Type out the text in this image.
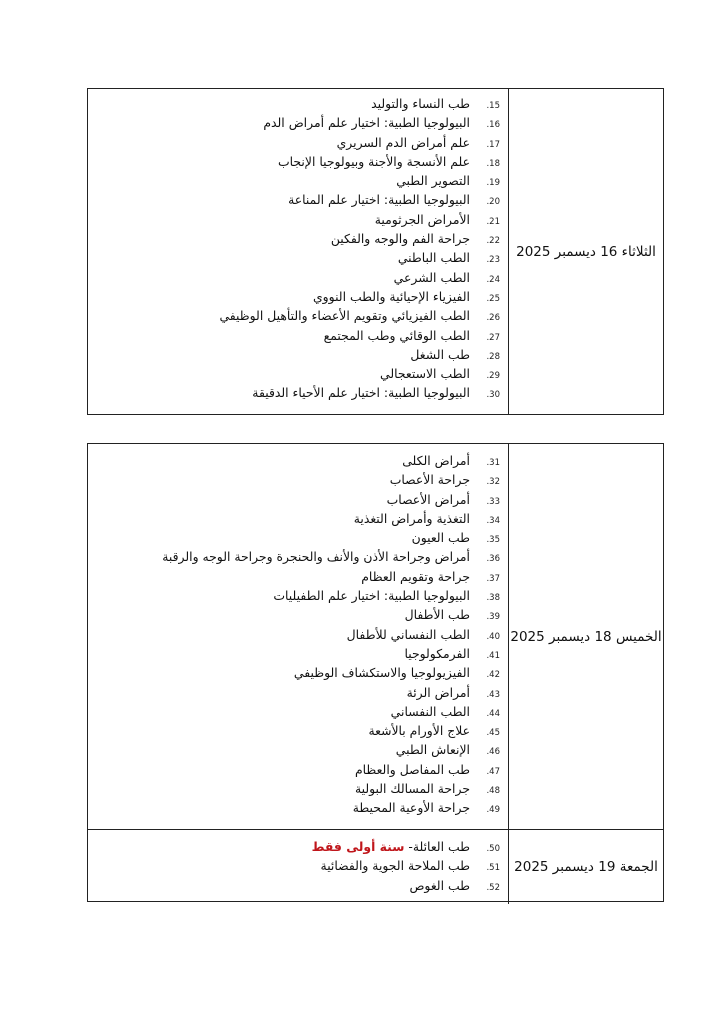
الثلاثاء 16 ديسمبر 2025
15.
طب النساء والتوليد
16.
البيولوجيا الطبية: اختيار علم أمراض الدم
17.
علم أمراض الدم السريري
18.
علم الأنسجة والأجنة وبيولوجيا الإنجاب
19.
التصوير الطبي
20.
البيولوجيا الطبية: اختيار علم المناعة
21.
الأمراض الجرثومية
22.
جراحة الفم والوجه والفكين
23.
الطب الباطني
24.
الطب الشرعي
25.
الفيزياء الإحيائية والطب النووي
26.
الطب الفيزيائي وتقويم الأعضاء والتأهيل الوظيفي
27.
الطب الوقائي وطب المجتمع
28.
طب الشغل
29.
الطب الاستعجالي
30.
البيولوجيا الطبية: اختيار علم الأحياء الدقيقة
الخميس 18 ديسمبر 2025
31.
أمراض الكلى
32.
جراحة الأعصاب
33.
أمراض الأعصاب
34.
التغذية وأمراض التغذية
35.
طب العيون
36.
أمراض وجراحة الأذن والأنف والحنجرة وجراحة الوجه والرقبة
37.
جراحة وتقويم العظام
38.
البيولوجيا الطبية: اختيار علم الطفيليات
39.
طب الأطفال
40.
الطب النفساني للأطفال
41.
الفرمكولوجيا
42.
الفيزيولوجيا والاستكشاف الوظيفي
43.
أمراض الرئة
44.
الطب النفساني
45.
علاج الأورام بالأشعة
46.
الإنعاش الطبي
47.
طب المفاصل والعظام
48.
جراحة المسالك البولية
49.
جراحة الأوعية المحيطة
الجمعة 19 ديسمبر 2025
50.
طب العائلة- سنة أولى فقط
51.
طب الملاحة الجوية والفضائية
52.
طب الغوص
